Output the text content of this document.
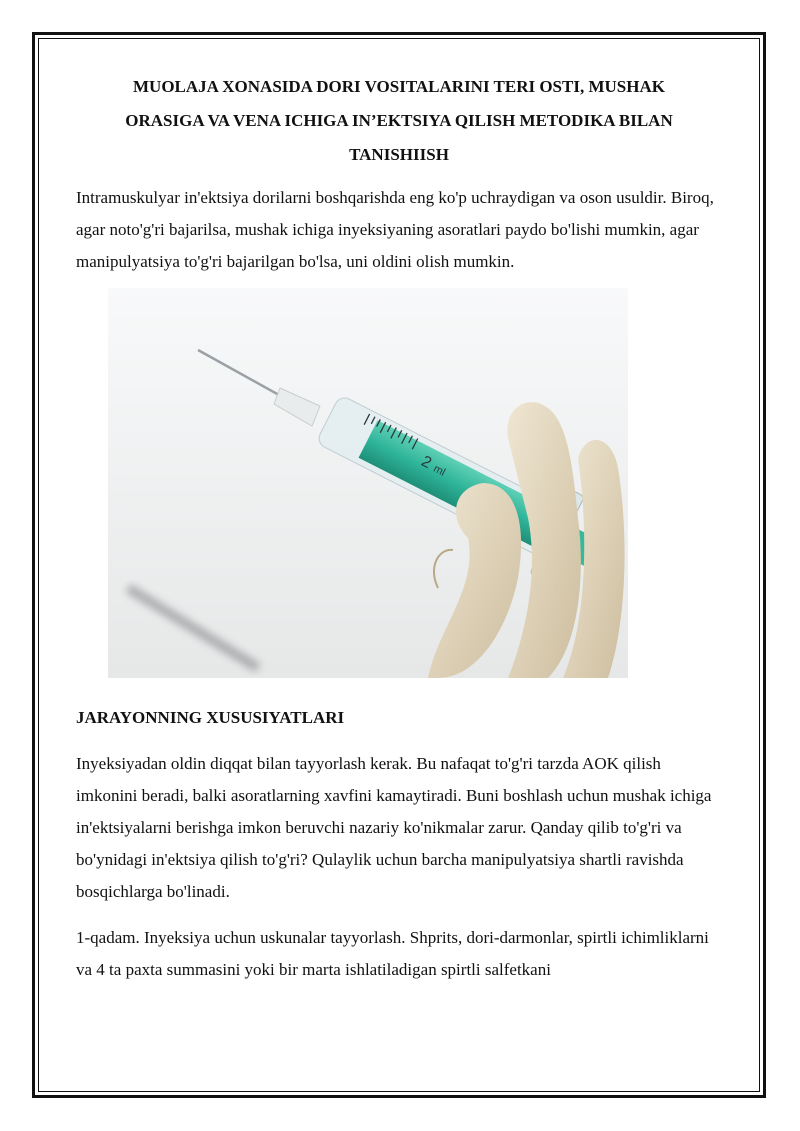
MUOLAJA XONASIDA DORI VOSITALARINI TERI OSTI, MUSHAK ORASIGA VA VENA ICHIGA IN’EKTSIYA QILISH METODIKA BILAN TANISHIISH

Intramuskulyar in'ektsiya dorilarni boshqarishda eng ko'p uchraydigan va oson usuldir. Biroq, agar noto'g'ri bajarilsa, mushak ichiga inyeksiyaning asoratlari paydo bo'lishi mumkin, agar manipulyatsiya to'g'ri bajarilgan bo'lsa, uni oldini olish mumkin.

2
ml
JARAYONNING XUSUSIYATLARI

Inyeksiyadan oldin diqqat bilan tayyorlash kerak. Bu nafaqat to'g'ri tarzda AOK qilish imkonini beradi, balki asoratlarning xavfini kamaytiradi. Buni boshlash uchun mushak ichiga in'ektsiyalarni berishga imkon beruvchi nazariy ko'nikmalar zarur. Qanday qilib to'g'ri va bo'ynidagi in'ektsiya qilish to'g'ri? Qulaylik uchun barcha manipulyatsiya shartli ravishda bosqichlarga bo'linadi.

1-qadam. Inyeksiya uchun uskunalar tayyorlash. Shprits, dori-darmonlar, spirtli ichimliklarni va 4 ta paxta summasini yoki bir marta ishlatiladigan spirtli salfetkani
